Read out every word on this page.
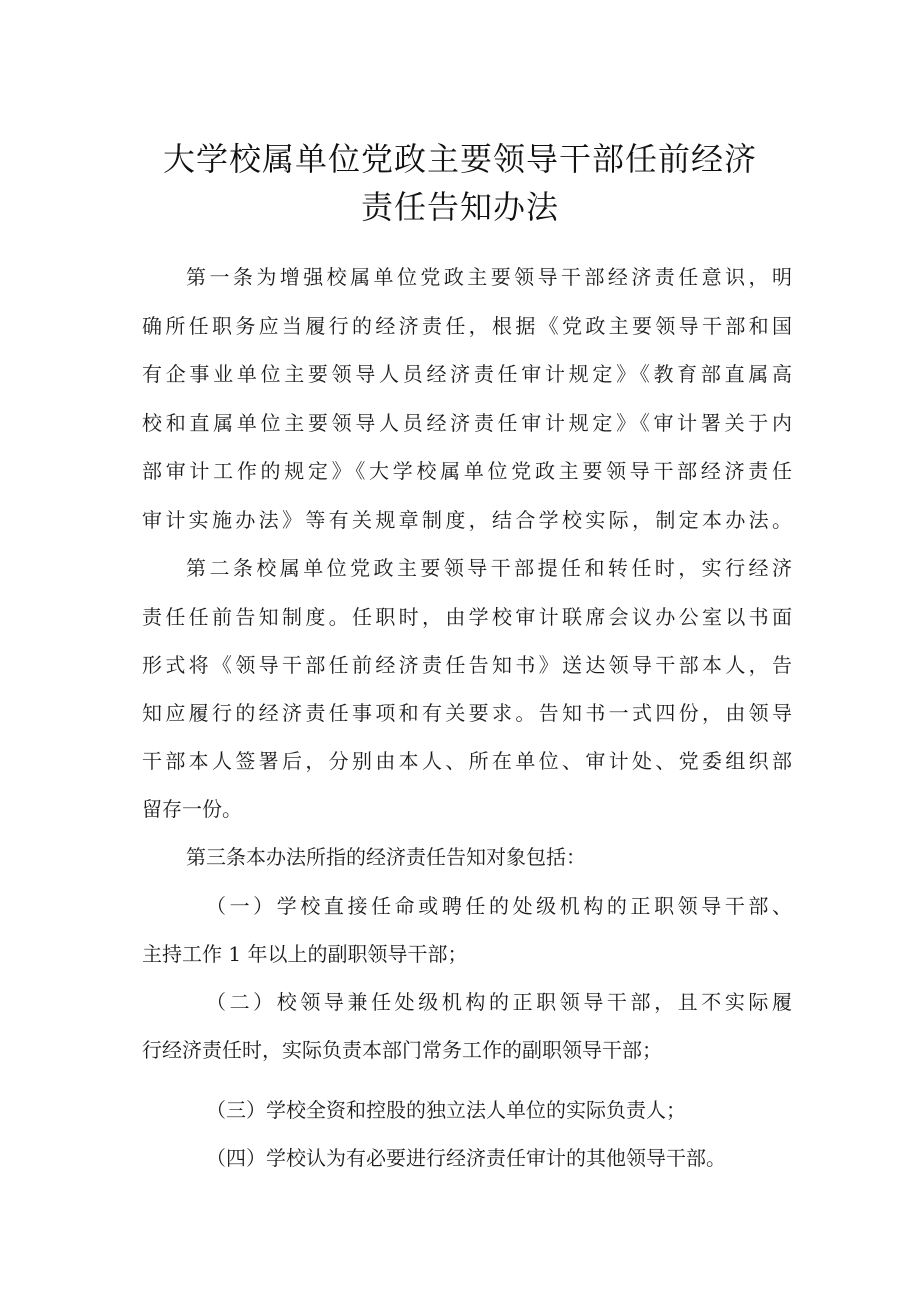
大学校属单位党政主要领导干部任前经济
责任告知办法
第一条为增强校属单位党政主要领导干部经济责任意识，明
确所任职务应当履行的经济责任，根据《党政主要领导干部和国
有企事业单位主要领导人员经济责任审计规定》《教育部直属高
校和直属单位主要领导人员经济责任审计规定》《审计署关于内
部审计工作的规定》《大学校属单位党政主要领导干部经济责任
审计实施办法》等有关规章制度，结合学校实际，制定本办法。
第二条校属单位党政主要领导干部提任和转任时，实行经济
责任任前告知制度。任职时，由学校审计联席会议办公室以书面
形式将《领导干部任前经济责任告知书》送达领导干部本人，告
知应履行的经济责任事项和有关要求。告知书一式四份，由领导
干部本人签署后，分别由本人、所在单位、审计处、党委组织部
留存一份。
第三条本办法所指的经济责任告知对象包括：
（一）学校直接任命或聘任的处级机构的正职领导干部、
主持工作 1 年以上的副职领导干部；
（二）校领导兼任处级机构的正职领导干部，且不实际履
行经济责任时，实际负责本部门常务工作的副职领导干部；
（三）学校全资和控股的独立法人单位的实际负责人；
（四）学校认为有必要进行经济责任审计的其他领导干部。
